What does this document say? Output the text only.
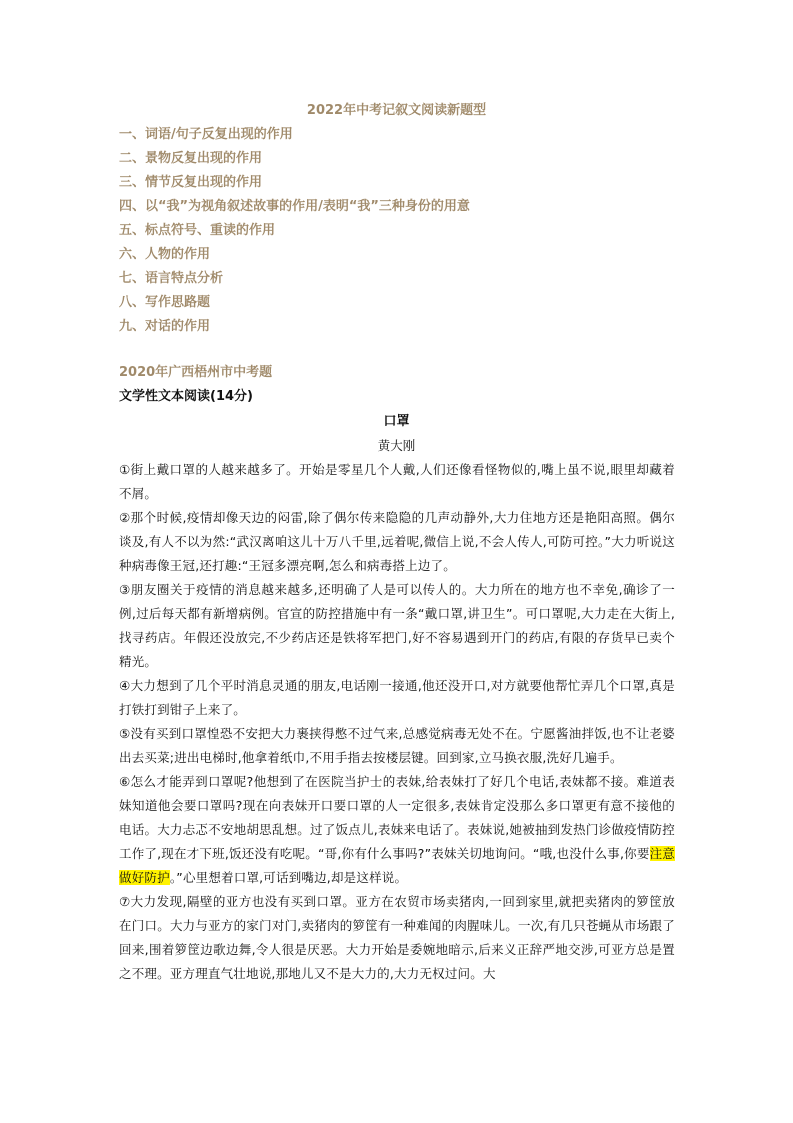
2022年中考记叙文阅读新题型
一、词语/句子反复出现的作用
二、景物反复出现的作用
三、情节反复出现的作用
四、以“我”为视角叙述故事的作用/表明“我”三种身份的用意
五、标点符号、重读的作用
六、人物的作用
七、语言特点分析
八、写作思路题
九、对话的作用
2020年广西梧州市中考题
文学性文本阅读(14分)
口罩
黄大刚

①街上戴口罩的人越来越多了。开始是零星几个人戴,人们还像看怪物似的,嘴上虽不说,眼里却藏着不屑。

②那个时候,疫情却像天边的闷雷,除了偶尔传来隐隐的几声动静外,大力住地方还是艳阳高照。偶尔谈及,有人不以为然:“武汉离咱这儿十万八千里,远着呢,微信上说,不会人传人,可防可控。”大力听说这种病毒像王冠,还打趣:“王冠多漂亮啊,怎么和病毒搭上边了。

③朋友圈关于疫情的消息越来越多,还明确了人是可以传人的。大力所在的地方也不幸免,确诊了一例,过后每天都有新增病例。官宣的防控措施中有一条“戴口罩,讲卫生”。可口罩呢,大力走在大街上,找寻药店。年假还没放完,不少药店还是铁将军把门,好不容易遇到开门的药店,有限的存货早已卖个精光。

④大力想到了几个平时消息灵通的朋友,电话刚一接通,他还没开口,对方就要他帮忙弄几个口罩,真是打铁打到钳子上来了。

⑤没有买到口罩惶恐不安把大力裹挟得憋不过气来,总感觉病毒无处不在。宁愿酱油拌饭,也不让老婆出去买菜;进出电梯时,他拿着纸巾,不用手指去按楼层键。回到家,立马换衣服,洗好几遍手。

⑥怎么才能弄到口罩呢?他想到了在医院当护士的表妹,给表妹打了好几个电话,表妹都不接。难道表妹知道他会要口罩吗?现在向表妹开口要口罩的人一定很多,表妹肯定没那么多口罩更有意不接他的电话。大力忐忑不安地胡思乱想。过了饭点儿,表妹来电话了。表妹说,她被抽到发热门诊做疫情防控工作了,现在才下班,饭还没有吃呢。“哥,你有什么事吗?”表妹关切地询问。“哦,也没什么事,你要注意做好防护。”心里想着口罩,可话到嘴边,却是这样说。

⑦大力发现,隔壁的亚方也没有买到口罩。亚方在农贸市场卖猪肉,一回到家里,就把卖猪肉的箩筐放在门口。大力与亚方的家门对门,卖猪肉的箩筐有一种难闻的肉腥味儿。一次,有几只苍蝇从市场跟了回来,围着箩筐边歌边舞,令人很是厌恶。大力开始是委婉地暗示,后来义正辞严地交涉,可亚方总是置之不理。亚方理直气壮地说,那地儿又不是大力的,大力无权过问。大
